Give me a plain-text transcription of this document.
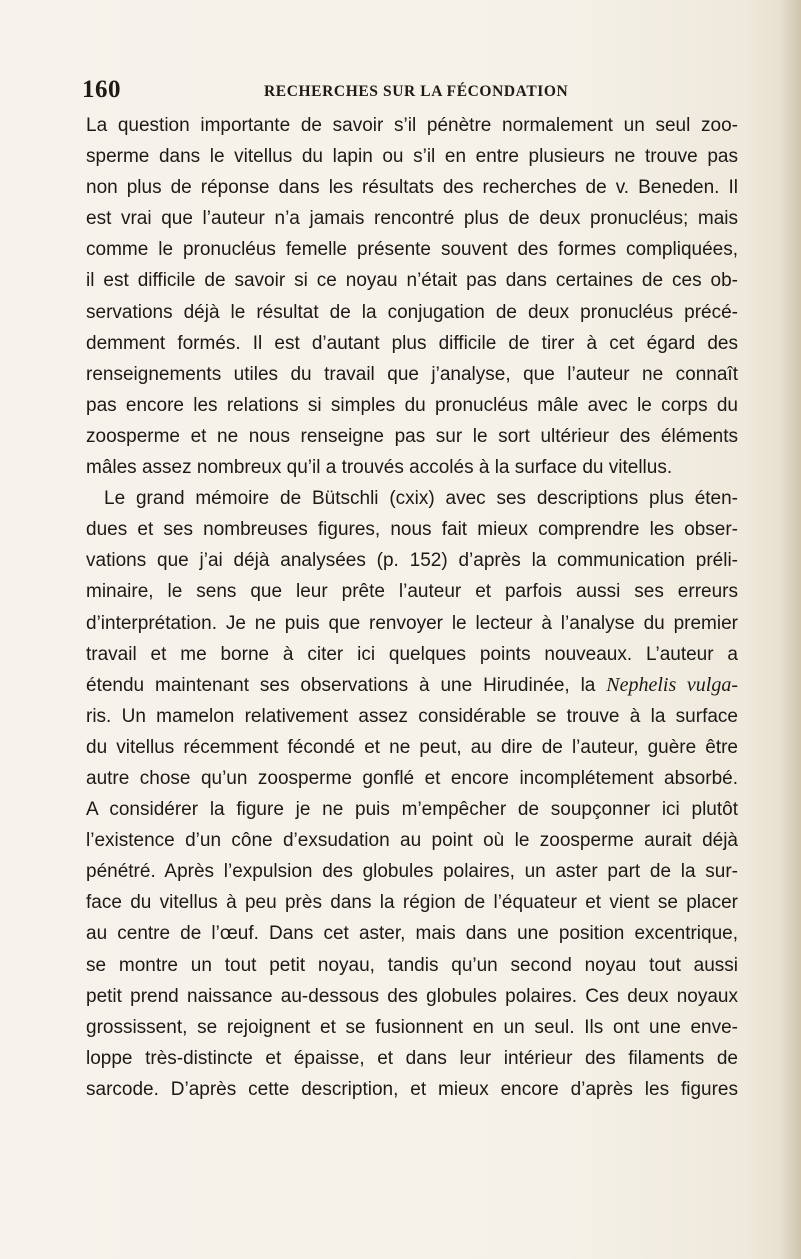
160	RECHERCHES SUR LA FÉCONDATION
La question importante de savoir s’il pénètre normalement un seul zoo-
sperme dans le vitellus du lapin ou s’il en entre plusieurs ne trouve pas
non plus de réponse dans les résultats des recherches de v. Beneden. Il
est vrai que l’auteur n’a jamais rencontré plus de deux pronucléus; mais
comme le pronucléus femelle présente souvent des formes compliquées,
il est difficile de savoir si ce noyau n’était pas dans certaines de ces ob-
servations déjà le résultat de la conjugation de deux pronucléus précé-
demment formés. Il est d’autant plus difficile de tirer à cet égard des
renseignements utiles du travail que j’analyse, que l’auteur ne connaît
pas encore les relations si simples du pronucléus mâle avec le corps du
zoosperme et ne nous renseigne pas sur le sort ultérieur des éléments
mâles assez nombreux qu’il a trouvés accolés à la surface du vitellus.
Le grand mémoire de Bütschli (cxix) avec ses descriptions plus éten-
dues et ses nombreuses figures, nous fait mieux comprendre les obser-
vations que j’ai déjà analysées (p. 152) d’après la communication préli-
minaire, le sens que leur prête l’auteur et parfois aussi ses erreurs
d’interprétation. Je ne puis que renvoyer le lecteur à l’analyse du premier
travail et me borne à citer ici quelques points nouveaux. L’auteur a
étendu maintenant ses observations à une Hirudinée, la Nephelis vulga-
ris. Un mamelon relativement assez considérable se trouve à la surface
du vitellus récemment fécondé et ne peut, au dire de l’auteur, guère être
autre chose qu’un zoosperme gonflé et encore incomplétement absorbé.
A considérer la figure je ne puis m’empêcher de soupçonner ici plutôt
l’existence d’un cône d’exsudation au point où le zoosperme aurait déjà
pénétré. Après l’expulsion des globules polaires, un aster part de la sur-
face du vitellus à peu près dans la région de l’équateur et vient se placer
au centre de l’œuf. Dans cet aster, mais dans une position excentrique,
se montre un tout petit noyau, tandis qu’un second noyau tout aussi
petit prend naissance au-dessous des globules polaires. Ces deux noyaux
grossissent, se rejoignent et se fusionnent en un seul. Ils ont une enve-
loppe très-distincte et épaisse, et dans leur intérieur des filaments de
sarcode. D’après cette description, et mieux encore d’après les figures
